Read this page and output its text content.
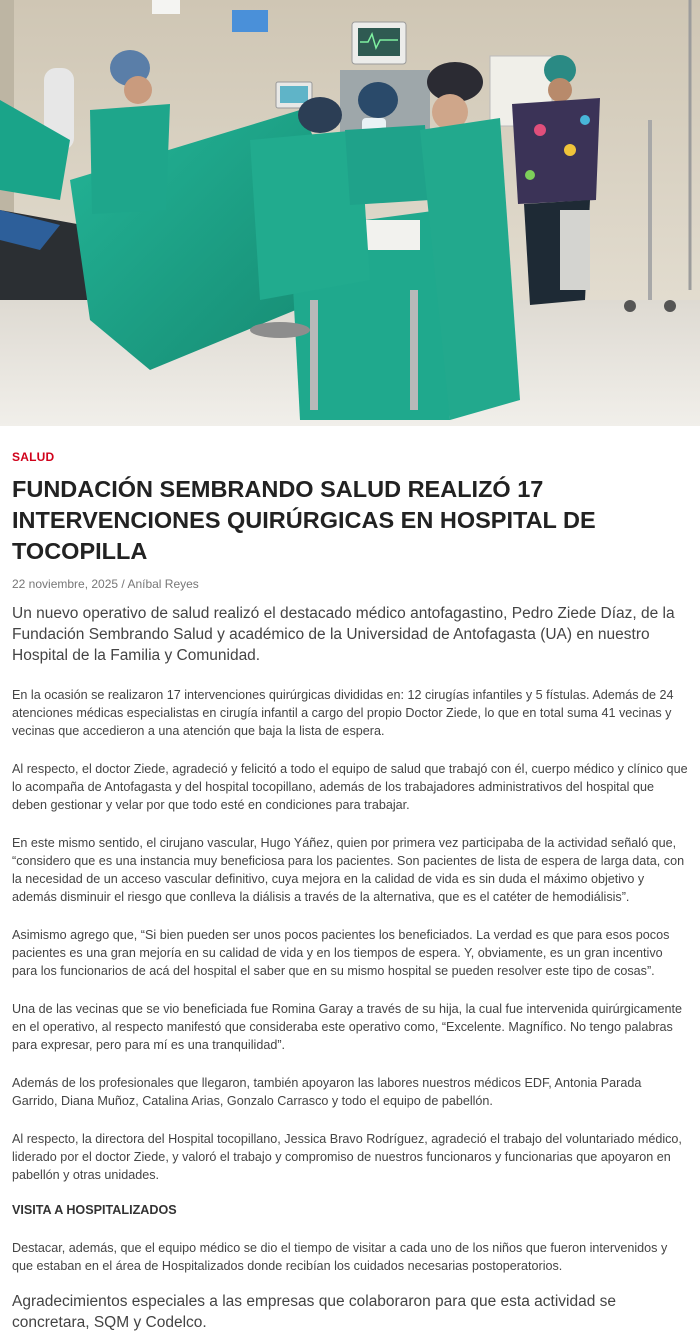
SALUD
FUNDACIÓN SEMBRANDO SALUD REALIZÓ 17 INTERVENCIONES QUIRÚRGICAS EN HOSPITAL DE TOCOPILLA
22 noviembre, 2025 / Aníbal Reyes
Un nuevo operativo de salud realizó el destacado médico antofagastino, Pedro Ziede Díaz, de la Fundación Sembrando Salud y académico de la Universidad de Antofagasta (UA) en nuestro Hospital de la Familia y Comunidad.
En la ocasión se realizaron 17 intervenciones quirúrgicas divididas en: 12 cirugías infantiles y 5 fístulas. Además de 24 atenciones médicas especialistas en cirugía infantil a cargo del propio Doctor Ziede, lo que en total suma 41 vecinas y vecinas que accedieron a una atención que baja la lista de espera.
Al respecto, el doctor Ziede, agradeció y felicitó a todo el equipo de salud que trabajó con él, cuerpo médico y clínico que lo acompaña de Antofagasta y del hospital tocopillano, además de los trabajadores administrativos del hospital que deben gestionar y velar por que todo esté en condiciones para trabajar.
En este mismo sentido, el cirujano vascular, Hugo Yáñez, quien por primera vez participaba de la actividad señaló que, “considero que es una instancia muy beneficiosa para los pacientes. Son pacientes de lista de espera de larga data, con la necesidad de un acceso vascular definitivo, cuya mejora en la calidad de vida es sin duda el máximo objetivo y además disminuir el riesgo que conlleva la diálisis a través de la alternativa, que es el catéter de hemodiálisis”.
Asimismo agrego que, “Si bien pueden ser unos pocos pacientes los beneficiados. La verdad es que para esos pocos pacientes es una gran mejoría en su calidad de vida y en los tiempos de espera. Y, obviamente, es un gran incentivo para los funcionarios de acá del hospital el saber que en su mismo hospital se pueden resolver este tipo de cosas”.
Una de las vecinas que se vio beneficiada fue Romina Garay a través de su hija, la cual fue intervenida quirúrgicamente en el operativo, al respecto manifestó que consideraba este operativo como, “Excelente. Magnífico. No tengo palabras para expresar, pero para mí es una tranquilidad”.
Además de los profesionales que llegaron, también apoyaron las labores nuestros médicos EDF, Antonia Parada Garrido, Diana Muñoz, Catalina Arias, Gonzalo Carrasco y todo el equipo de pabellón.
Al respecto, la directora del Hospital tocopillano, Jessica Bravo Rodríguez, agradeció el trabajo del voluntariado médico, liderado por el doctor Ziede, y valoró el trabajo y compromiso de nuestros funcionaros y funcionarias que apoyaron en pabellón y otras unidades.
VISITA A HOSPITALIZADOS
Destacar, además, que el equipo médico se dio el tiempo de visitar a cada uno de los niños que fueron intervenidos y que estaban en el área de Hospitalizados donde recibían los cuidados necesarias postoperatorios.
Agradecimientos especiales a las empresas que colaboraron para que esta actividad se concretara, SQM y Codelco.
